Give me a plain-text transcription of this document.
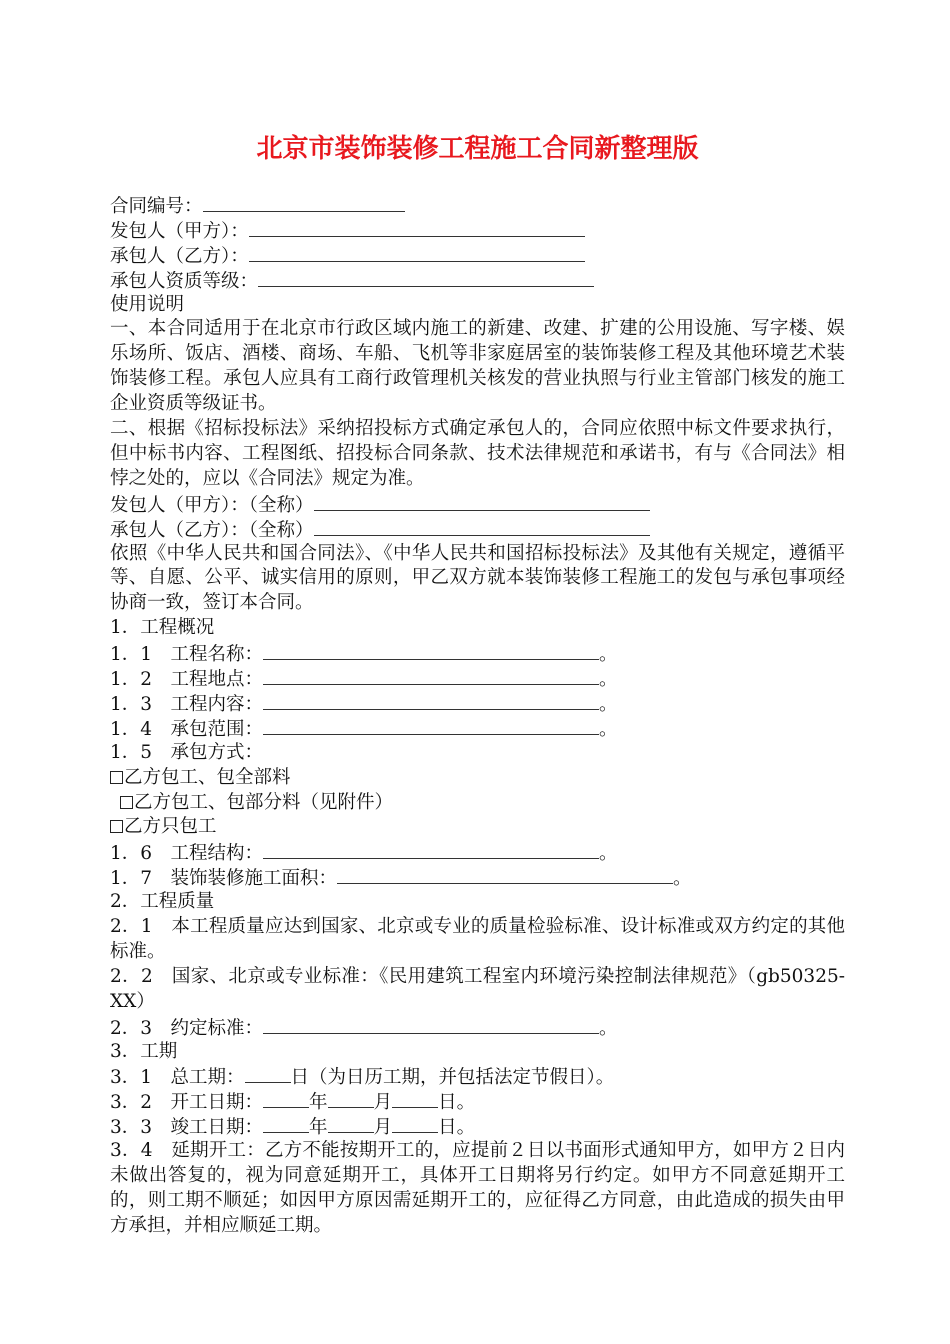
北京市装饰装修工程施工合同新整理版
合同编号：
发包人（甲方）：
承包人（乙方）：
承包人资质等级：
使用说明
一、本合同适用于在北京市行政区域内施工的新建、改建、扩建的公用设施、写字楼、娱乐场所、饭店、酒楼、商场、车船、飞机等非家庭居室的装饰装修工程及其他环境艺术装饰装修工程。承包人应具有工商行政管理机关核发的营业执照与行业主管部门核发的施工企业资质等级证书。
二、根据《招标投标法》采纳招投标方式确定承包人的，合同应依照中标文件要求执行，但中标书内容、工程图纸、招投标合同条款、技术法律规范和承诺书，有与《合同法》相悖之处的，应以《合同法》规定为准。
发包人（甲方）：（全称）
承包人（乙方）：（全称）
依照《中华人民共和国合同法》、《中华人民共和国招标投标法》及其他有关规定，遵循平等、自愿、公平、诚实信用的原则，甲乙双方就本装饰装修工程施工的发包与承包事项经协商一致，签订本合同。
1．工程概况
1．1　工程名称：	。
1．2　工程地点：	。
1．3　工程内容：	。
1．4　承包范围：	。
1．5　承包方式：
乙方包工、包全部料
乙方包工、包部分料（见附件）
乙方只包工
1．6　工程结构：	。
1．7　装饰装修施工面积：	。
2．工程质量
2．1　本工程质量应达到国家、北京或专业的质量检验标准、设计标准或双方约定的其他标准。
2．2　国家、北京或专业标准：《民用建筑工程室内环境污染控制法律规范》（gb50325-XX）
2．3　约定标准：	。
3．工期
3．1　总工期： 日（为日历工期，并包括法定节假日）。
3．2　开工日期： 年 月 日。
3．3　竣工日期： 年 月 日。
3．4　延期开工：乙方不能按期开工的，应提前２日以书面形式通知甲方，如甲方２日内未做出答复的，视为同意延期开工，具体开工日期将另行约定。如甲方不同意延期开工的，则工期不顺延；如因甲方原因需延期开工的，应征得乙方同意，由此造成的损失由甲方承担，并相应顺延工期。
